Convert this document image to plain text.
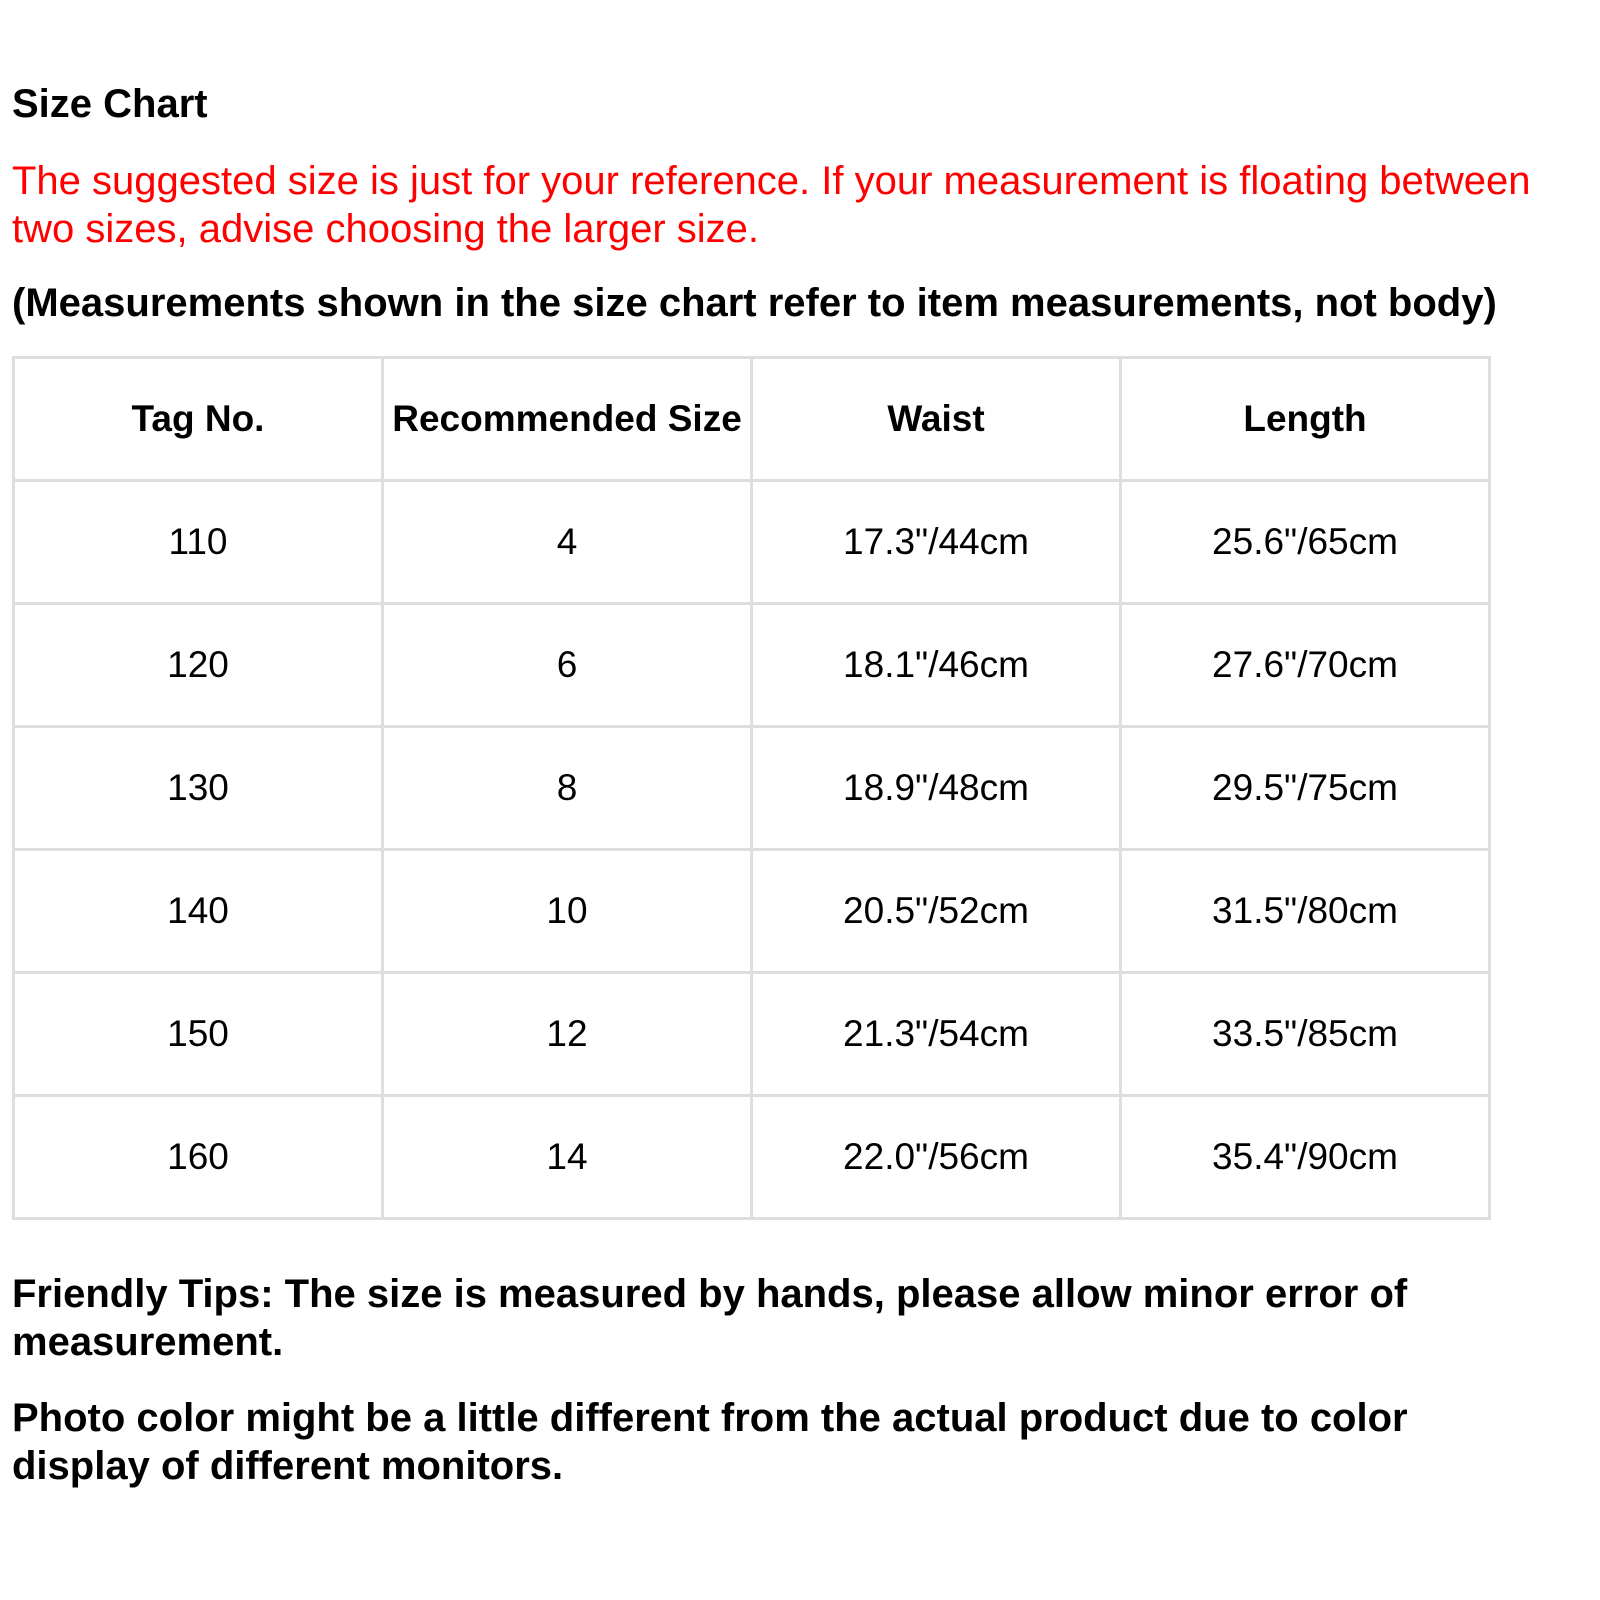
Size Chart
The suggested size is just for your reference. If your measurement is floating between
two sizes, advise choosing the larger size.
(Measurements shown in the size chart refer to item measurements, not body)
Tag No.	Recommended Size	Waist	Length
110	4	17.3"/44cm	25.6"/65cm
120	6	18.1"/46cm	27.6"/70cm
130	8	18.9"/48cm	29.5"/75cm
140	10	20.5"/52cm	31.5"/80cm
150	12	21.3"/54cm	33.5"/85cm
160	14	22.0"/56cm	35.4"/90cm
Friendly Tips: The size is measured by hands, please allow minor error of
measurement.
Photo color might be a little different from the actual product due to color
display of different monitors.
